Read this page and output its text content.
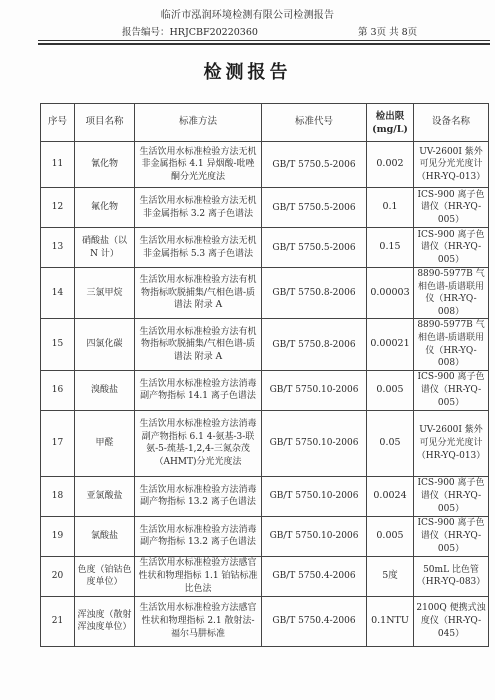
临沂市泓润环境检测有限公司检测报告
报告编号：HRJCBF20220360	第 3页 共 8页
检测报告
序号	项目名称	标准方法	标准代号	检出限
(mg/L)	设备名称
11	氰化物	生活饮用水标准检验方法无机非金属指标 4.1 异烟酸-吡唑酮分光光度法	GB/T 5750.5-2006	0.002	UV-2600I 紫外可见分光光度计（HR-YQ-013）
12	氟化物	生活饮用水标准检验方法无机非金属指标 3.2 离子色谱法	GB/T 5750.5-2006	0.1	ICS-900 离子色谱仪（HR-YQ-005）
13	硝酸盐（以 N 计）	生活饮用水标准检验方法无机非金属指标 5.3 离子色谱法	GB/T 5750.5-2006	0.15	ICS-900 离子色谱仪（HR-YQ-005）
14	三氯甲烷	生活饮用水标准检验方法有机物指标吹脱捕集/气相色谱-质谱法 附录 A	GB/T 5750.8-2006	0.00003	8890-5977B 气相色谱-质谱联用仪（HR-YQ-008）
15	四氯化碳	生活饮用水标准检验方法有机物指标吹脱捕集/气相色谱-质谱法 附录 A	GB/T 5750.8-2006	0.00021	8890-5977B 气相色谱-质谱联用仪（HR-YQ-008）
16	溴酸盐	生活饮用水标准检验方法消毒副产物指标 14.1 离子色谱法	GB/T 5750.10-2006	0.005	ICS-900 离子色谱仪（HR-YQ-005）
17	甲醛	生活饮用水标准检验方法消毒副产物指标 6.1 4-氨基-3-联氨-5-巯基-1,2,4-三氮杂茂（AHMT)分光光度法	GB/T 5750.10-2006	0.05	UV-2600I 紫外可见分光光度计（HR-YQ-013）
18	亚氯酸盐	生活饮用水标准检验方法消毒副产物指标 13.2 离子色谱法	GB/T 5750.10-2006	0.0024	ICS-900 离子色谱仪（HR-YQ-005）
19	氯酸盐	生活饮用水标准检验方法消毒副产物指标 13.2 离子色谱法	GB/T 5750.10-2006	0.005	ICS-900 离子色谱仪（HR-YQ-005）
20	色度（铂钴色度单位）	生活饮用水标准检验方法感官性状和物理指标 1.1 铂钴标准比色法	GB/T 5750.4-2006	5度	50mL 比色管（HR-YQ-083）
21	浑浊度（散射浑浊度单位）	生活饮用水标准检验方法感官性状和物理指标 2.1 散射法-福尔马肼标准	GB/T 5750.4-2006	0.1NTU	2100Q 便携式浊度仪（HR-YQ-045）
